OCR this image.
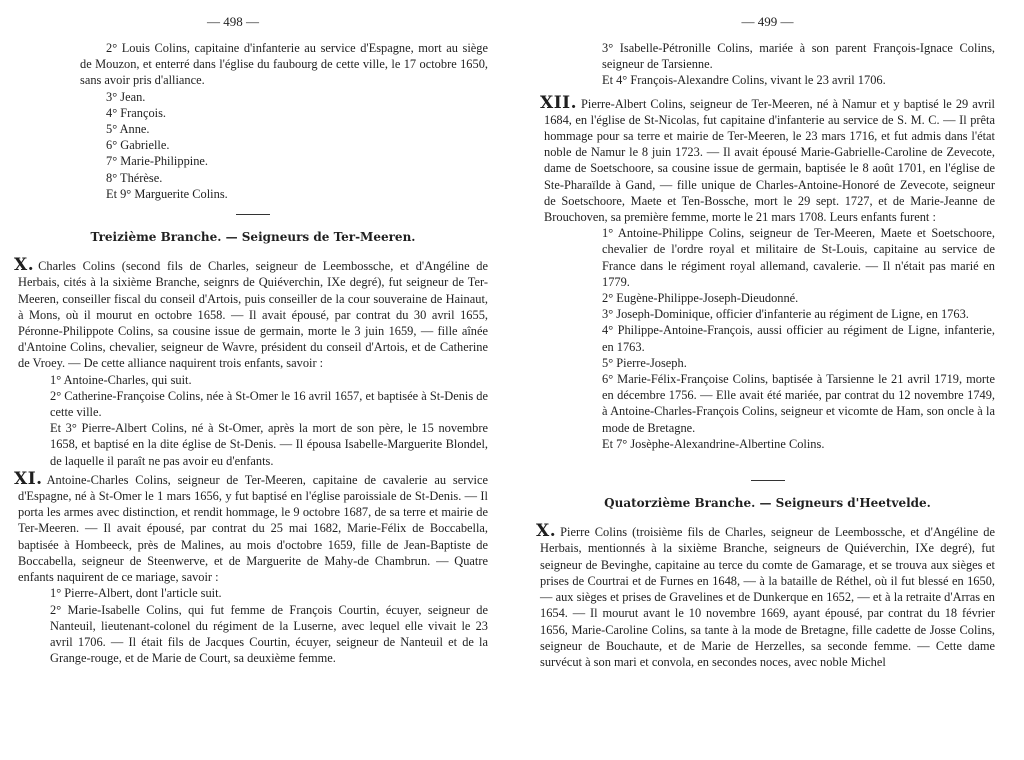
— 498 —

2° Louis Colins, capitaine d'infanterie au service d'Espagne, mort au siège de Mouzon, et enterré dans l'église du faubourg de cette ville, le 17 octobre 1650, sans avoir pris d'alliance.

3° Jean.

4° François.

5° Anne.

6° Gabrielle.

7° Marie-Philippine.

8° Thérèse.

Et 9° Marguerite Colins.

Treizième Branche. — Seigneurs de Ter-Meeren.

X. Charles Colins (second fils de Charles, seigneur de Leembossche, et d'Angéline de Herbais, cités à la sixième Branche, seignrs de Quiéverchin, IXe degré), fut seigneur de Ter-Meeren, conseiller fiscal du conseil d'Artois, puis conseiller de la cour souveraine de Hainaut, à Mons, où il mourut en octobre 1658. — Il avait épousé, par contrat du 30 avril 1655, Péronne-Philippote Colins, sa cousine issue de germain, morte le 3 juin 1659, — fille aînée d'Antoine Colins, chevalier, seigneur de Wavre, président du conseil d'Artois, et de Catherine de Vroey. — De cette alliance naquirent trois enfants, savoir :

1° Antoine-Charles, qui suit.

2° Catherine-Françoise Colins, née à St-Omer le 16 avril 1657, et baptisée à St-Denis de cette ville.

Et 3° Pierre-Albert Colins, né à St-Omer, après la mort de son père, le 15 novembre 1658, et baptisé en la dite église de St-Denis. — Il épousa Isabelle-Marguerite Blondel, de laquelle il paraît ne pas avoir eu d'enfants.

XI. Antoine-Charles Colins, seigneur de Ter-Meeren, capitaine de cavalerie au service d'Espagne, né à St-Omer le 1 mars 1656, y fut baptisé en l'église paroissiale de St-Denis. — Il porta les armes avec distinction, et rendit hommage, le 9 octobre 1687, de sa terre et mairie de Ter-Meeren. — Il avait épousé, par contrat du 25 mai 1682, Marie-Félix de Boccabella, baptisée à Hombeeck, près de Malines, au mois d'octobre 1659, fille de Jean-Baptiste de Boccabella, seigneur de Steenwerve, et de Marguerite de Mahy-de Chambrun. — Quatre enfants naquirent de ce mariage, savoir :

1° Pierre-Albert, dont l'article suit.

2° Marie-Isabelle Colins, qui fut femme de François Courtin, écuyer, seigneur de Nanteuil, lieutenant-colonel du régiment de la Luserne, avec lequel elle vivait le 23 avril 1706. — Il était fils de Jacques Courtin, écuyer, seigneur de Nanteuil et de la Grange-rouge, et de Marie de Court, sa deuxième femme.

— 499 —

3° Isabelle-Pétronille Colins, mariée à son parent François-Ignace Colins, seigneur de Tarsienne.

Et 4° François-Alexandre Colins, vivant le 23 avril 1706.

XII. Pierre-Albert Colins, seigneur de Ter-Meeren, né à Namur et y baptisé le 29 avril 1684, en l'église de St-Nicolas, fut capitaine d'infanterie au service de S. M. C. — Il prêta hommage pour sa terre et mairie de Ter-Meeren, le 23 mars 1716, et fut admis dans l'état noble de Namur le 8 juin 1723. — Il avait épousé Marie-Gabrielle-Caroline de Zevecote, dame de Soetschoore, sa cousine issue de germain, baptisée le 8 août 1701, en l'église de Ste-Pharaïlde à Gand, — fille unique de Charles-Antoine-Honoré de Zevecote, seigneur de Soetschoore, Maete et Ten-Bossche, mort le 29 sept. 1727, et de Marie-Jeanne de Brouchoven, sa première femme, morte le 21 mars 1708. Leurs enfants furent :

1° Antoine-Philippe Colins, seigneur de Ter-Meeren, Maete et Soetschoore, chevalier de l'ordre royal et militaire de St-Louis, capitaine au service de France dans le régiment royal allemand, cavalerie. — Il n'était pas marié en 1779.

2° Eugène-Philippe-Joseph-Dieudonné.

3° Joseph-Dominique, officier d'infanterie au régiment de Ligne, en 1763.

4° Philippe-Antoine-François, aussi officier au régiment de Ligne, infanterie, en 1763.

5° Pierre-Joseph.

6° Marie-Félix-Françoise Colins, baptisée à Tarsienne le 21 avril 1719, morte en décembre 1756. — Elle avait été mariée, par contrat du 12 novembre 1749, à Antoine-Charles-François Colins, seigneur et vicomte de Ham, son oncle à la mode de Bretagne.

Et 7° Josèphe-Alexandrine-Albertine Colins.

Quatorzième Branche. — Seigneurs d'Heetvelde.

X. Pierre Colins (troisième fils de Charles, seigneur de Leembossche, et d'Angéline de Herbais, mentionnés à la sixième Branche, seigneurs de Quiéverchin, IXe degré), fut seigneur de Bevinghe, capitaine au terce du comte de Gamarage, et se trouva aux sièges et prises de Courtrai et de Furnes en 1648, — à la bataille de Réthel, où il fut blessé en 1650, — aux sièges et prises de Gravelines et de Dunkerque en 1652, — et à la retraite d'Arras en 1654. — Il mourut avant le 10 novembre 1669, ayant épousé, par contrat du 18 février 1656, Marie-Caroline Colins, sa tante à la mode de Bretagne, fille cadette de Josse Colins, seigneur de Bouchaute, et de Marie de Herzelles, sa seconde femme. — Cette dame survécut à son mari et convola, en secondes noces, avec noble Michel
